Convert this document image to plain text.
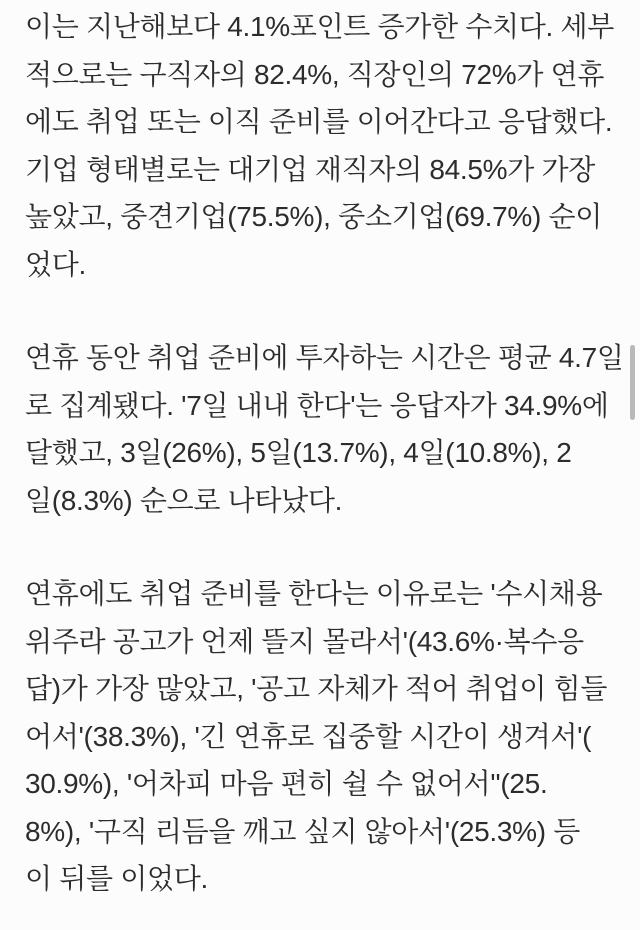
이는 지난해보다 4.1%포인트 증가한 수치다. 세부
적으로는 구직자의 82.4%, 직장인의 72%가 연휴
에도 취업 또는 이직 준비를 이어간다고 응답했다.
기업 형태별로는 대기업 재직자의 84.5%가 가장
높았고, 중견기업(75.5%), 중소기업(69.7%) 순이
었다.
연휴 동안 취업 준비에 투자하는 시간은 평균 4.7일
로 집계됐다. '7일 내내 한다'는 응답자가 34.9%에
달했고, 3일(26%), 5일(13.7%), 4일(10.8%), 2
일(8.3%) 순으로 나타났다.
연휴에도 취업 준비를 한다는 이유로는 '수시채용
위주라 공고가 언제 뜰지 몰라서'(43.6%·복수응
답)가 가장 많았고, '공고 자체가 적어 취업이 힘들
어서'(38.3%), '긴 연휴로 집중할 시간이 생겨서'(
30.9%), '어차피 마음 편히 쉴 수 없어서''(25.
8%), '구직 리듬을 깨고 싶지 않아서'(25.3%) 등
이 뒤를 이었다.
